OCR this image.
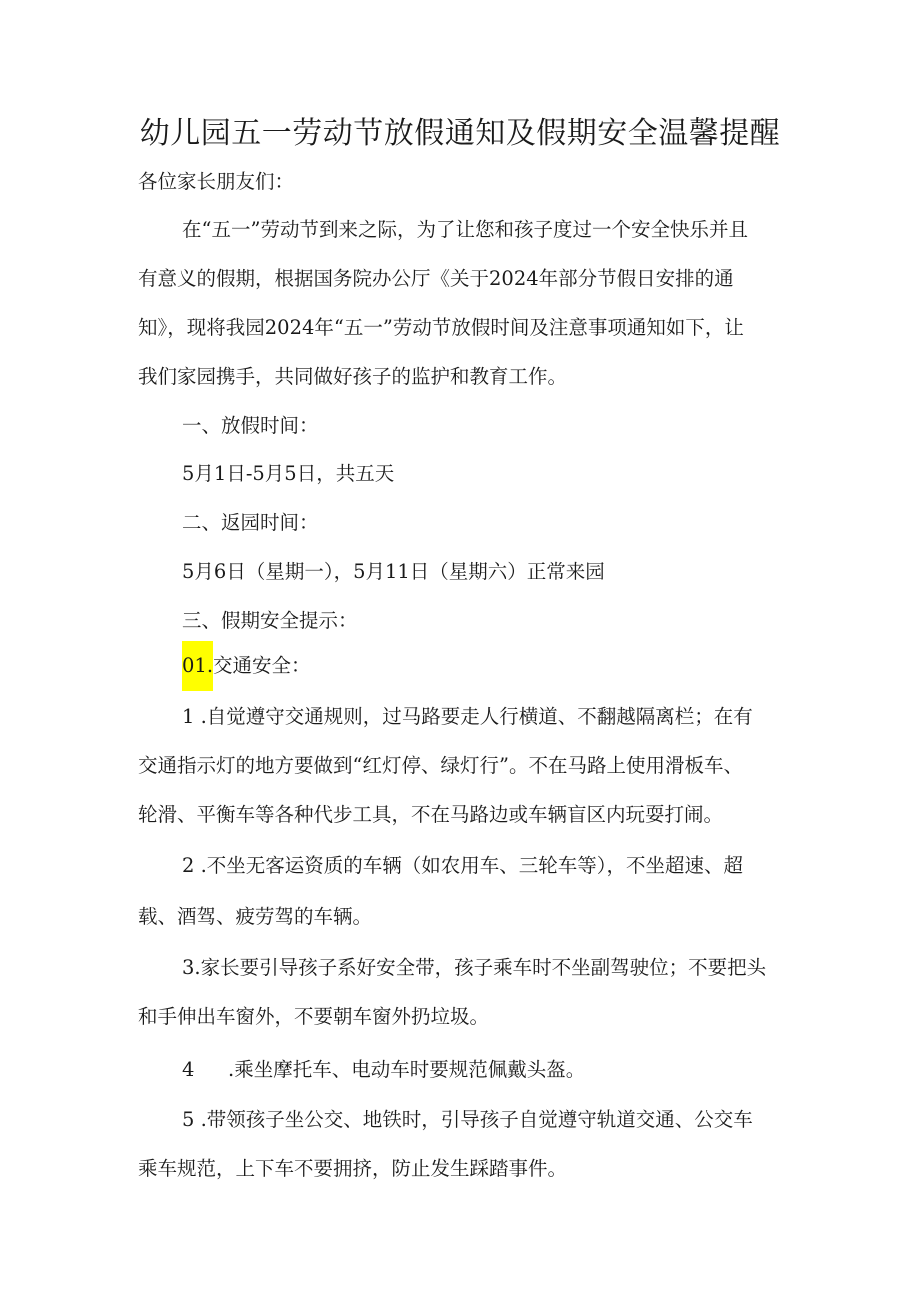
幼儿园五一劳动节放假通知及假期安全温馨提醒
各位家长朋友们：
在“五一”劳动节到来之际，为了让您和孩子度过一个安全快乐并且
有意义的假期，根据国务院办公厅《关于2024年部分节假日安排的通
知》，现将我园2024年“五一”劳动节放假时间及注意事项通知如下，让
我们家园携手，共同做好孩子的监护和教育工作。
一、放假时间：
5月1日-5月5日，共五天
二、返园时间：
5月6日（星期一），5月11日（星期六）正常来园
三、假期安全提示：
01.交通安全：
1 .自觉遵守交通规则，过马路要走人行横道、不翻越隔离栏；在有
交通指示灯的地方要做到“红灯停、绿灯行”。不在马路上使用滑板车、
轮滑、平衡车等各种代步工具，不在马路边或车辆盲区内玩耍打闹。
2 .不坐无客运资质的车辆（如农用车、三轮车等），不坐超速、超
载、酒驾、疲劳驾的车辆。
3.家长要引导孩子系好安全带，孩子乘车时不坐副驾驶位；不要把头
和手伸出车窗外，不要朝车窗外扔垃圾。
4 .乘坐摩托车、电动车时要规范佩戴头盔。
5 .带领孩子坐公交、地铁时，引导孩子自觉遵守轨道交通、公交车
乘车规范，上下车不要拥挤，防止发生踩踏事件。
